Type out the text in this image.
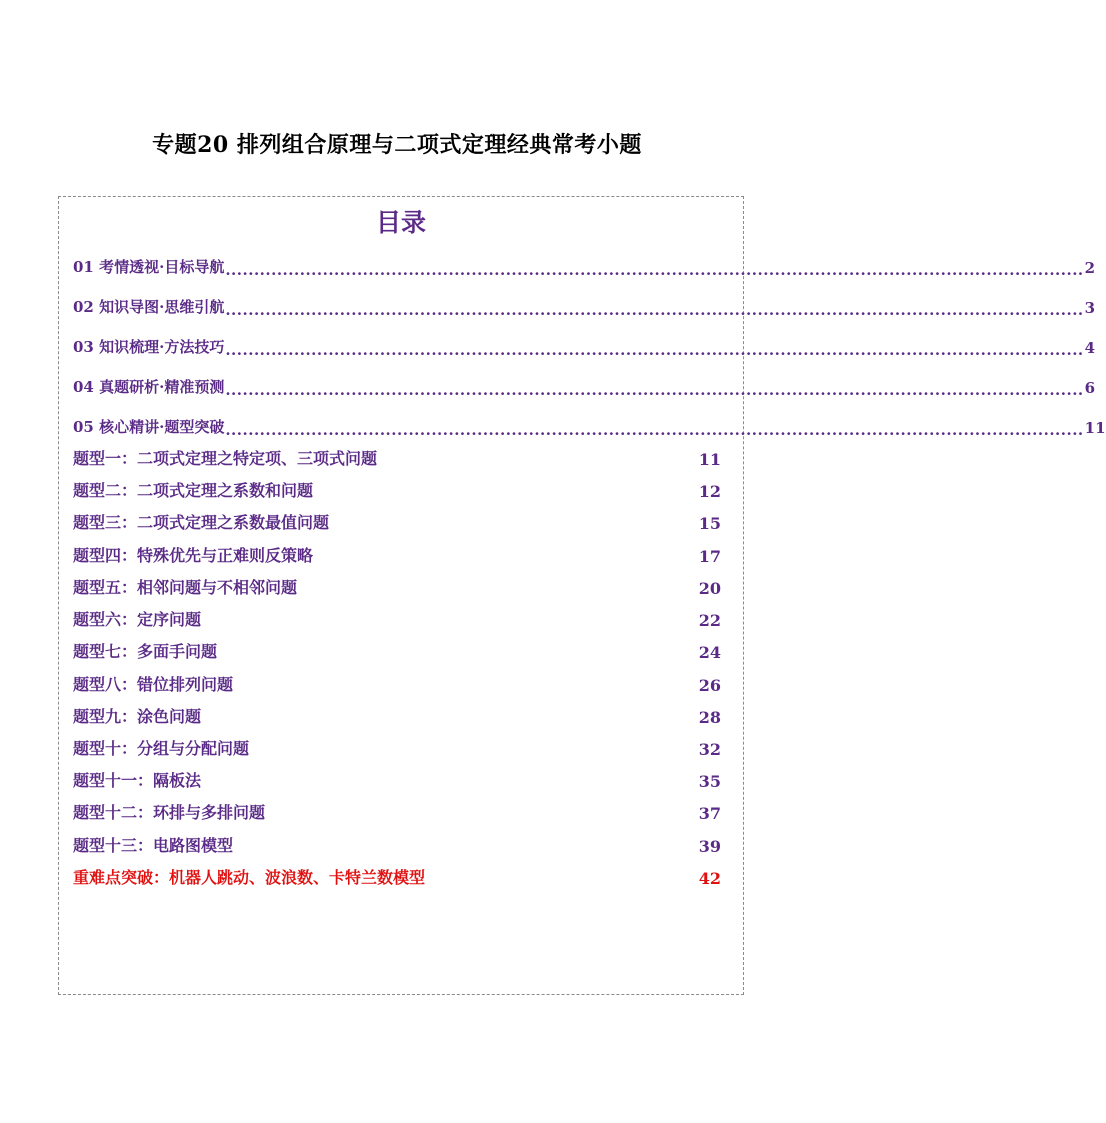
专题20 排列组合原理与二项式定理经典常考小题
目录
01 考情透视·目标导航 ...................................................................................................................................................... 2
02 知识导图·思维引航 ...................................................................................................................................................... 3
03 知识梳理·方法技巧 ...................................................................................................................................................... 4
04 真题研析·精准预测 ...................................................................................................................................................... 6
05 核心精讲·题型突破 ...................................................................................................................................................... 11
题型一：二项式定理之特定项、三项式问题	11
题型二：二项式定理之系数和问题	12
题型三：二项式定理之系数最值问题	15
题型四：特殊优先与正难则反策略	17
题型五：相邻问题与不相邻问题	20
题型六：定序问题	22
题型七：多面手问题	24
题型八：错位排列问题	26
题型九：涂色问题	28
题型十：分组与分配问题	32
题型十一：隔板法	35
题型十二：环排与多排问题	37
题型十三：电路图模型	39
重难点突破：机器人跳动、波浪数、卡特兰数模型	42
